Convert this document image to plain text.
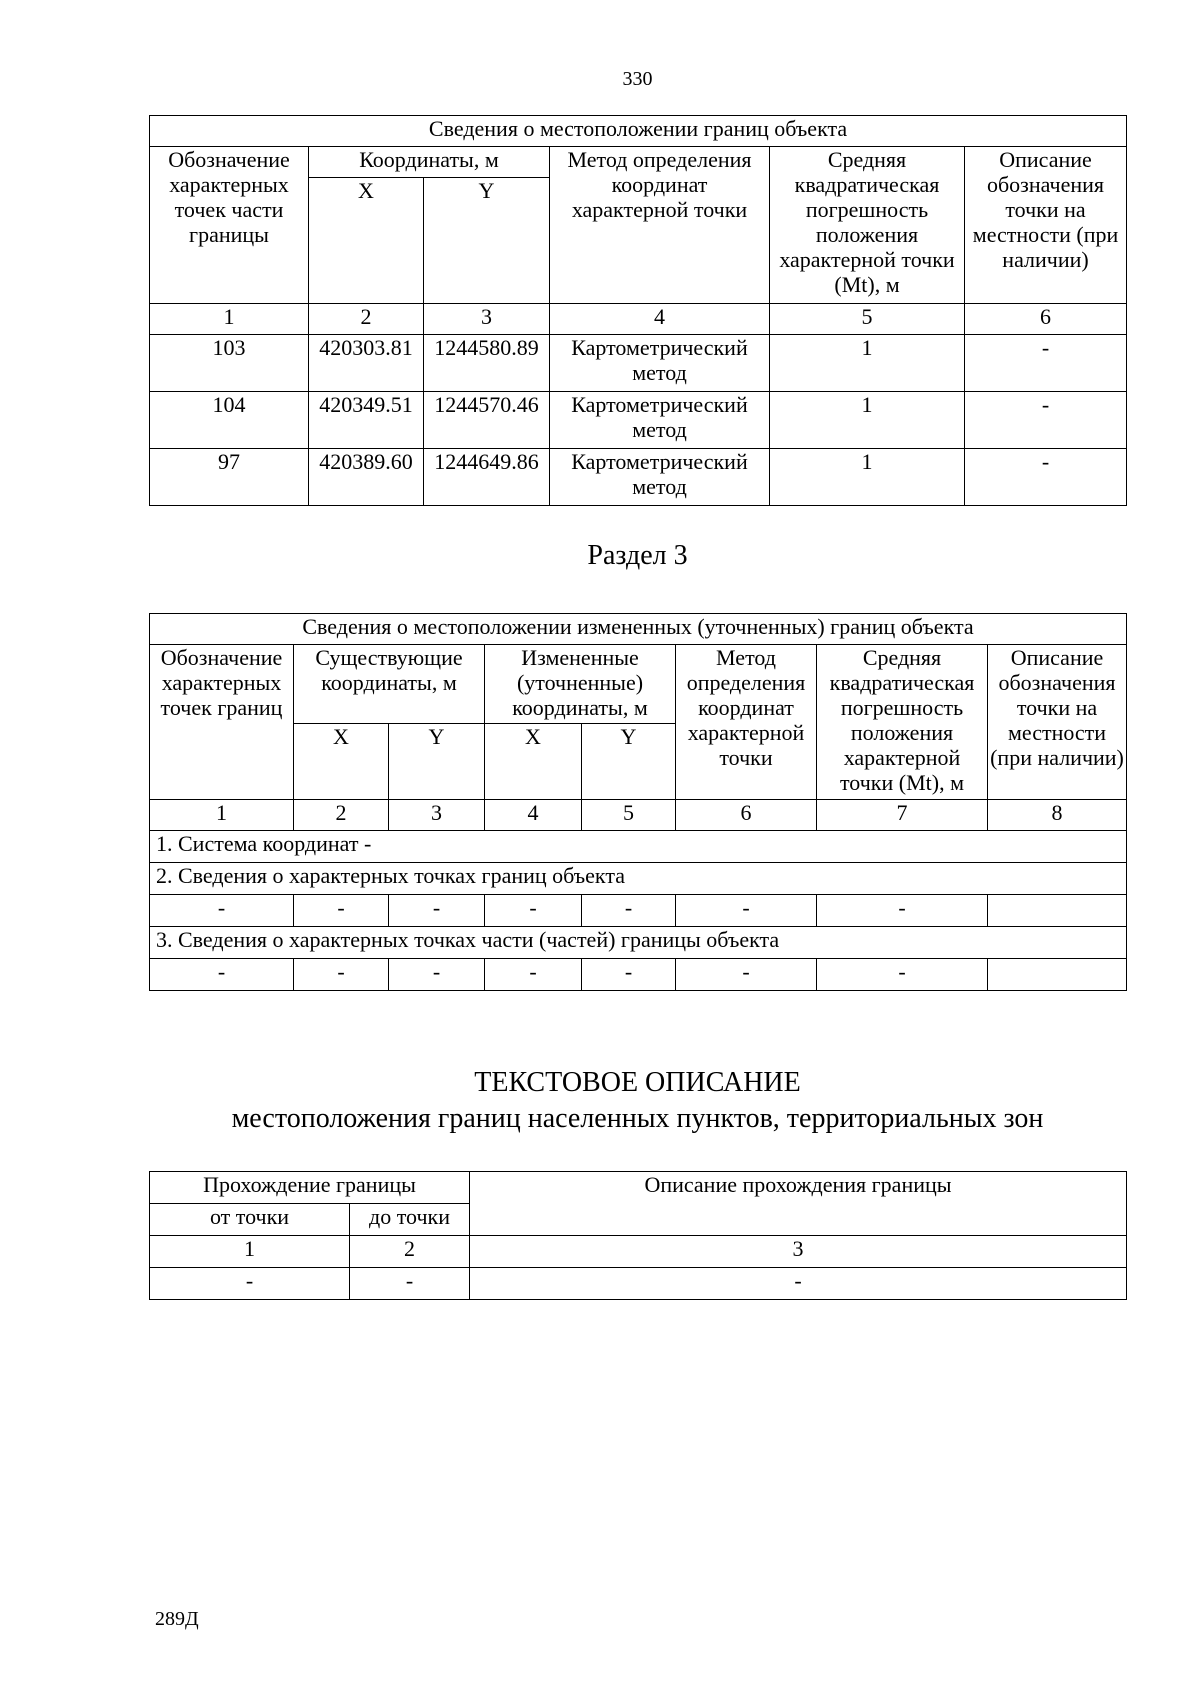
330
Сведения о местоположении границ объекта					
Обозначение характерных точек части границы	Координаты, м		Метод определения координат характерной точки	Средняя квадратическая погрешность положения характерной точки (Mt), м	Описание обозначения точки на местности (при наличии)
	X	Y			
1	2	3	4	5	6
103	420303.81	1244580.89	Картометрический метод	1	-
104	420349.51	1244570.46	Картометрический метод	1	-
97	420389.60	1244649.86	Картометрический метод	1	-
Раздел 3
Сведения о местоположении измененных (уточненных) границ объекта							
Обозначение характерных точек границ	Существующие координаты, м		Измененные (уточненные) координаты, м		Метод определения координат характерной точки	Средняя квадратическая погрешность положения характерной точки (Mt), м	Описание обозначения точки на местности (при наличии)
	X	Y	X	Y			
1	2	3	4	5	6	7	8
1. Система координат -							
2. Сведения о характерных точках границ объекта							
-	-	-	-	-	-	-	
3. Сведения о характерных точках части (частей) границы объекта							
-	-	-	-	-	-	-	
ТЕКСТОВОЕ ОПИСАНИЕ
местоположения границ населенных пунктов, территориальных зон
Прохождение границы		Описание прохождения границы
от точки	до точки	
1	2	3
-	-	-
289Д
